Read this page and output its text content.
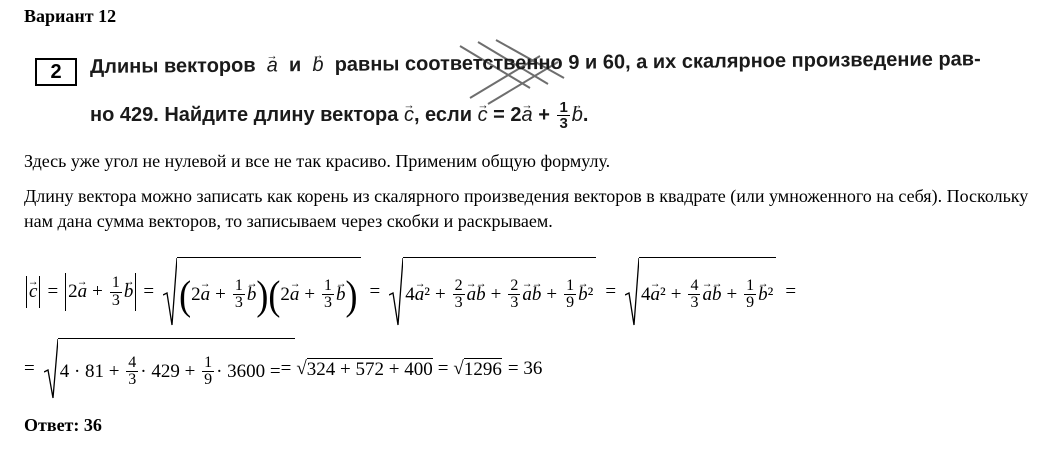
Вариант 12
2	Длины векторов  → a и  → b равны соответственно 9 и 60, а их скалярное произведение рав-
но 429. Найдите длину вектора → c, если → $c = 2\to a + \frac{1}{3}$
→ b.
Здесь уже угол не нулевой и все не так красиво. Применим общую формулу.
Длину вектора можно записать как корень из скалярного произведения векторов в квадрате (или умноженного на себя). Поскольку нам дана сумма векторов, то записываем через скобки и раскрываем.
→ c = 2
→ $a + \frac{1}{3}$
→ b = ( 2
→ $a + \frac{1}{3}$
→ b ) ( 2
→ $a + \frac{1}{3}$
→ b ) = 4
→ a $^2 + \frac{2}{3}$
→ a
→ $b + \frac{2}{3}$
→ a
→ $b + \frac{1}{9}$
→ b ² = 4
→ a $^2 + \frac{4}{3}$
→ a
→ $b + \frac{1}{9}$
→ b ² =
= 4 · 81 +
$\frac{4}{3} \cdot 429$ +
$\frac{1}{9} \cdot 3600$ = = √ 324 + 572 + 400 = √ 1296 = 36
Ответ: 36
